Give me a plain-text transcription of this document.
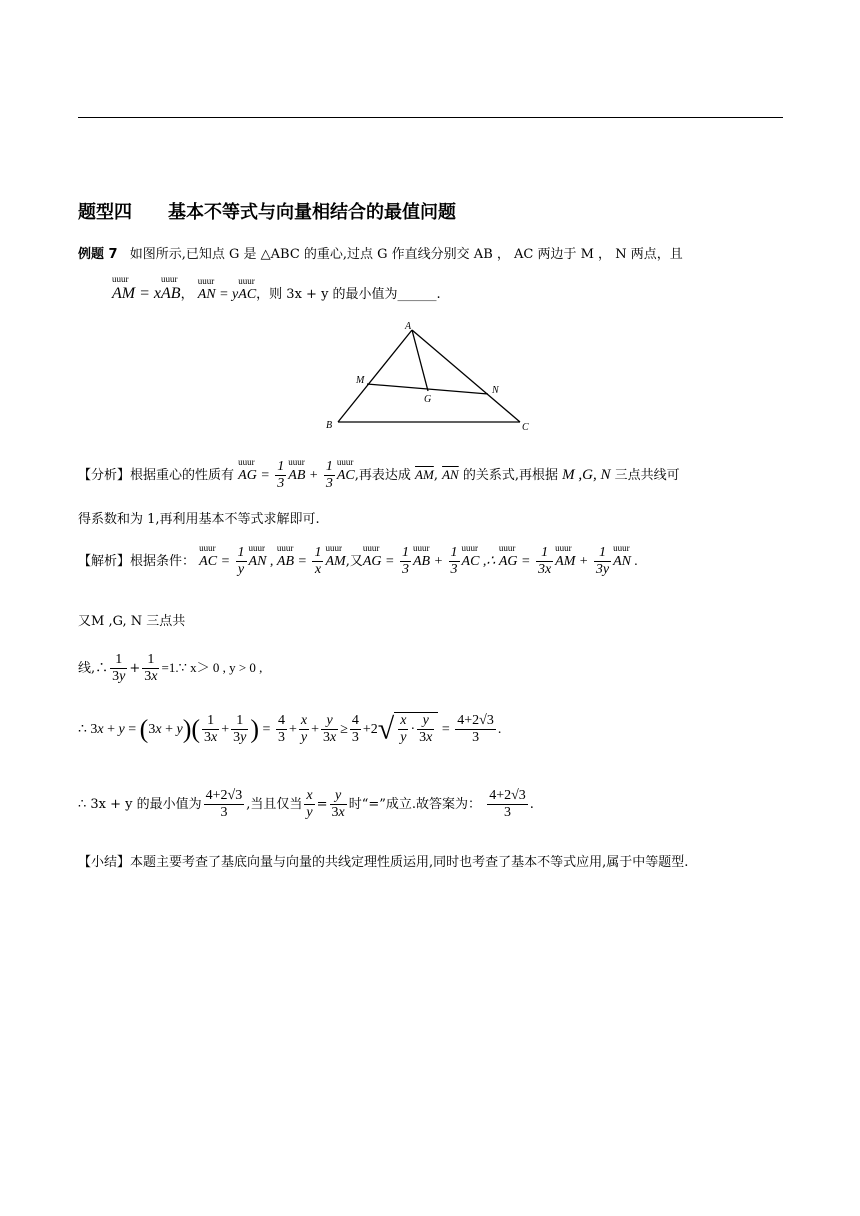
题型四　　基本不等式与向量相结合的最值问题
例题 7 如图所示,已知点 G 是 △ABC 的重心,过点 G 作直线分别交 AB ， AC 两边于 M ， N 两点，且
uuur
AM = x
uuur
AB，
uuur
AN = y
uuur
AC，则 3x + y 的最小值为______.
A
B	C
M
N
G
【分析】根据重心的性质有
uuur
AG = $\frac{1}{3}$ uuur
AB + $\frac{1}{3}$ uuur
AC,再表达成 $\overline{AM}$, $\overline{AN}$ 的关系式,再根据 M ,G, N 三点共线可
得系数和为 1,再利用基本不等式求解即可.
【解析】根据条件：
uuur
AC = $\frac{1}{y}$ uuur
AN ,
uuur
AB = $\frac{1}{x}$ uuur
AM,又
uuur
AG = $\frac{1}{3}$ uuur
AB + $\frac{1}{3}$ uuur
AC ,∴
uuur
AG = $\frac{1}{3x}$ uuur
AM + $\frac{1}{3y}$ uuur
AN .
又M ,G, N 三点共
线,∴ $\frac{1}{3y} + \frac{1}{3x}$ =1.∵ x＞ 0 , y > 0 ,
∴ $3x + y = (3x + y)( \frac{1}{3x} + \frac{1}{3y}$ ) = $\frac{4}{3} + \frac{x}{y} + \frac{y}{3x} \ge \frac{4}{3} +2√ \frac{x}{y} \cdot \frac{y}{3x} = \frac{4+2√3}{3}$ .
∴ 3x + y 的最小值为 $\frac{4+2√3}{3}$ ,当且仅当 $\frac{x}{y} = \frac{y}{3x}$ 时“=”成立.故答案为： $\frac{4+2√3}{3}$ .
【小结】本题主要考查了基底向量与向量的共线定理性质运用,同时也考查了基本不等式应用,属于中等题型.
